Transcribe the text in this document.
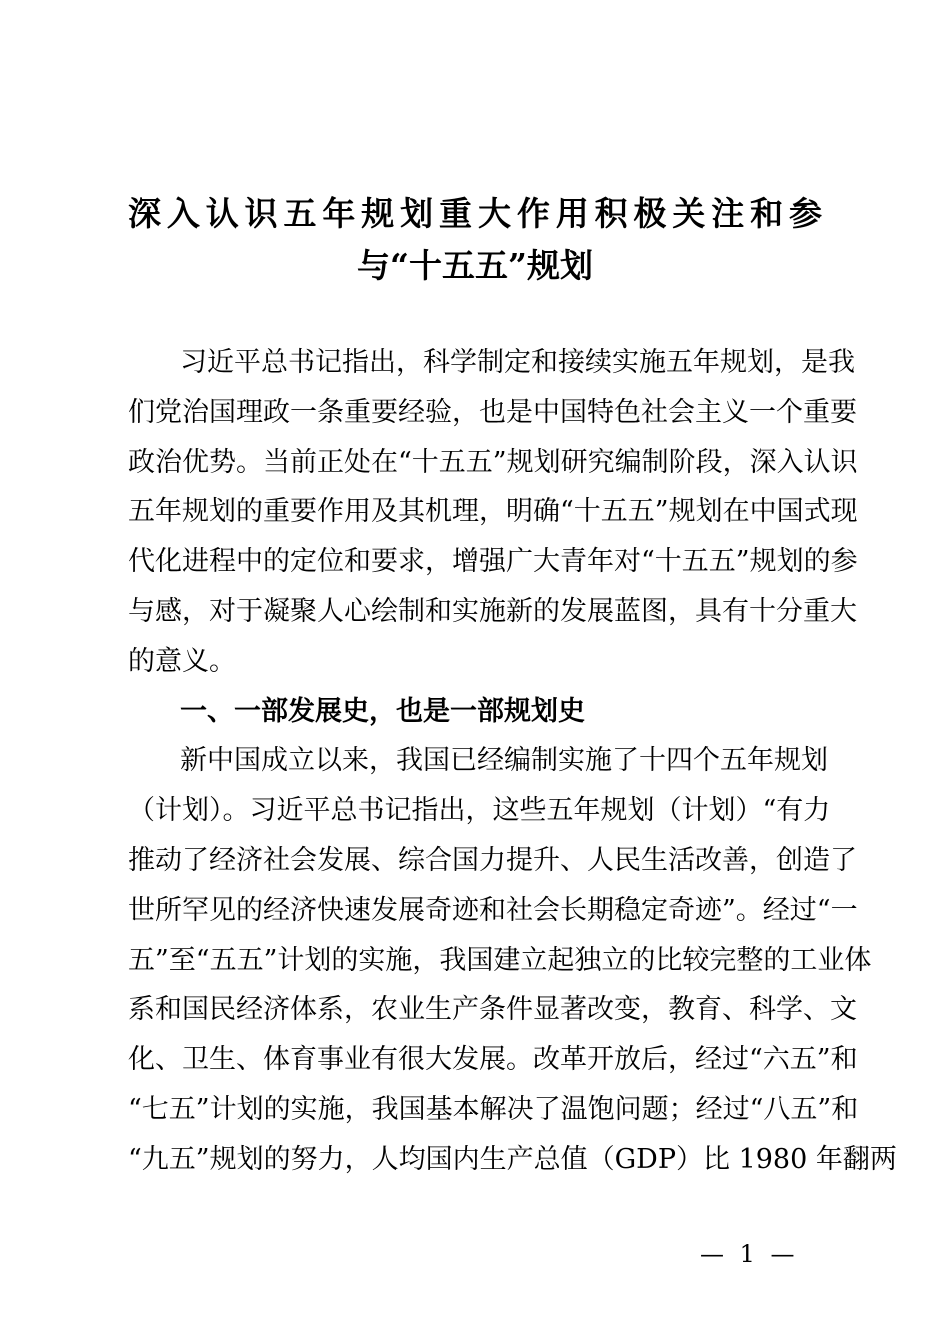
深入认识五年规划重大作用积极关注和参
与“十五五”规划
习近平总书记指出，科学制定和接续实施五年规划，是我
们党治国理政一条重要经验，也是中国特色社会主义一个重要
政治优势。当前正处在“十五五”规划研究编制阶段，深入认识
五年规划的重要作用及其机理，明确“十五五”规划在中国式现
代化进程中的定位和要求，增强广大青年对“十五五”规划的参
与感，对于凝聚人心绘制和实施新的发展蓝图，具有十分重大
的意义。
一、一部发展史，也是一部规划史
新中国成立以来，我国已经编制实施了十四个五年规划
（计划）。习近平总书记指出，这些五年规划（计划）“有力
推动了经济社会发展、综合国力提升、人民生活改善，创造了
世所罕见的经济快速发展奇迹和社会长期稳定奇迹”。经过“一
五”至“五五”计划的实施，我国建立起独立的比较完整的工业体
系和国民经济体系，农业生产条件显著改变，教育、科学、文
化、卫生、体育事业有很大发展。改革开放后，经过“六五”和
“七五”计划的实施，我国基本解决了温饱问题；经过“八五”和
“九五”规划的努力，人均国内生产总值（GDP）比 1980 年翻两
— 1 —
